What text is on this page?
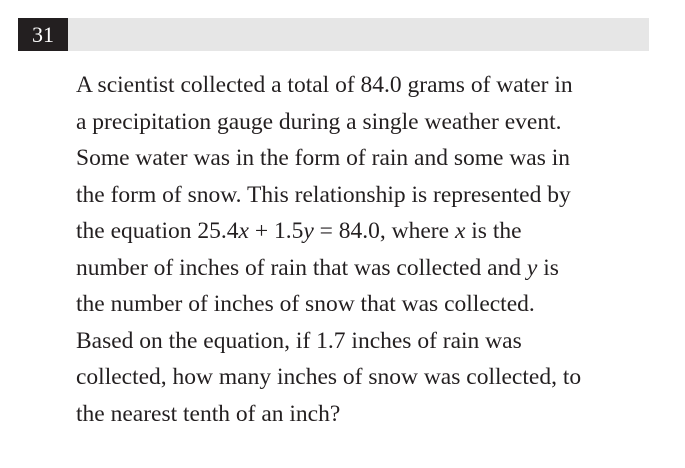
31
A scientist collected a total of 84.0 grams of water in
a precipitation gauge during a single weather event.
Some water was in the form of rain and some was in
the form of snow. This relationship is represented by
the equation 25.4x + 1.5y = 84.0, where x is the
number of inches of rain that was collected and y is
the number of inches of snow that was collected.
Based on the equation, if 1.7 inches of rain was
collected, how many inches of snow was collected, to
the nearest tenth of an inch?
